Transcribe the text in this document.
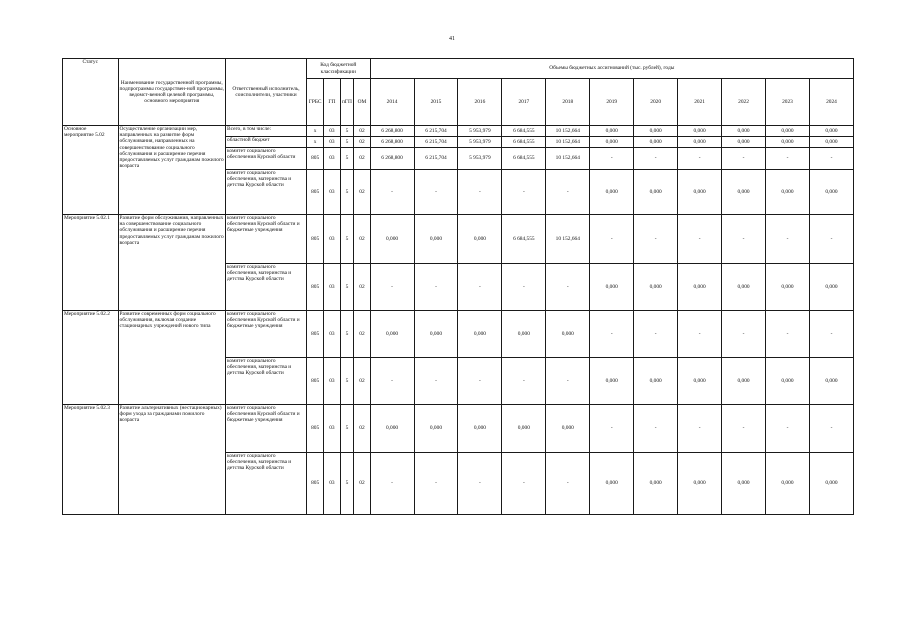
41
Статус	Наименование государственной программы, подпрограммы государствен-ной программы, ведомст-венной целевой программы, основного мероприятия	Ответственный исполнитель, соисполнители, участники	Код бюджетной классификации				Объемы бюджетных ассигнований (тыс. рублей), годы										
			ГРБС	ГП	пГП	ОМ	2014	2015	2016	2017	2018	2019	2020	2021	2022	2023	2024
Основное мероприятие 5.02	Осуществление организации мер, направленных на развитие форм обслуживания, направленных на совершенствование социального обслуживания и расширение перечня предоставляемых услуг гражданам пожилого возраста	Всего, в том числе:	х	03	5	02	6 268,800	6 215,704	5 953,979	6 684,555	10 152,664	0,000	0,000	0,000	0,000	0,000	0,000
		областной бюджет	х	03	5	02	6 268,800	6 215,704	5 953,979	6 684,555	10 152,664	0,000	0,000	0,000	0,000	0,000	0,000
		комитет социального обеспечения Курской области	805	03	5	02	6 268,800	6 215,704	5 953,979	6 684,555	10 152,664	-	-	-	-	-	-
		комитет социального обеспечения, материнства и детства Курской области	805	03	5	02	-	-	-	-	-	0,000	0,000	0,000	0,000	0,000	0,000
Мероприятие 5.02.1	Развитие форм обслуживания, направленных на совершенствование социального обслуживания и расширение перечня предоставляемых услуг гражданам пожилого возраста	комитет социального обеспечения Курской области и бюджетные учреждения	805	03	5	02	0,000	0,000	0,000	6 684,555	10 152,664	-	-	-	-	-	-
		комитет социального обеспечения, материнства и детства Курской области	805	03	5	02	-	-	-	-	-	0,000	0,000	0,000	0,000	0,000	0,000
Мероприятие 5.02.2	Развитие современных форм социального обслуживания, включая создание стационарных учреждений нового типа	комитет социального обеспечения Курской области и бюджетные учреждения	805	03	5	02	0,000	0,000	0,000	0,000	0,000	-	-	-	-	-	-
		комитет социального обеспечения, материнства и детства Курской области	805	03	5	02	-	-	-	-	-	0,000	0,000	0,000	0,000	0,000	0,000
Мероприятие 5.02.3	Развитие альтернативных (нестационарных) форм ухода за гражданами пожилого возраста	комитет социального обеспечения Курской области и бюджетные учреждения	805	03	5	02	0,000	0,000	0,000	0,000	0,000	-	-	-	-	-	-
		комитет социального обеспечения, материнства и детства Курской области	805	03	5	02	-	-	-	-	-	0,000	0,000	0,000	0,000	0,000	0,000
